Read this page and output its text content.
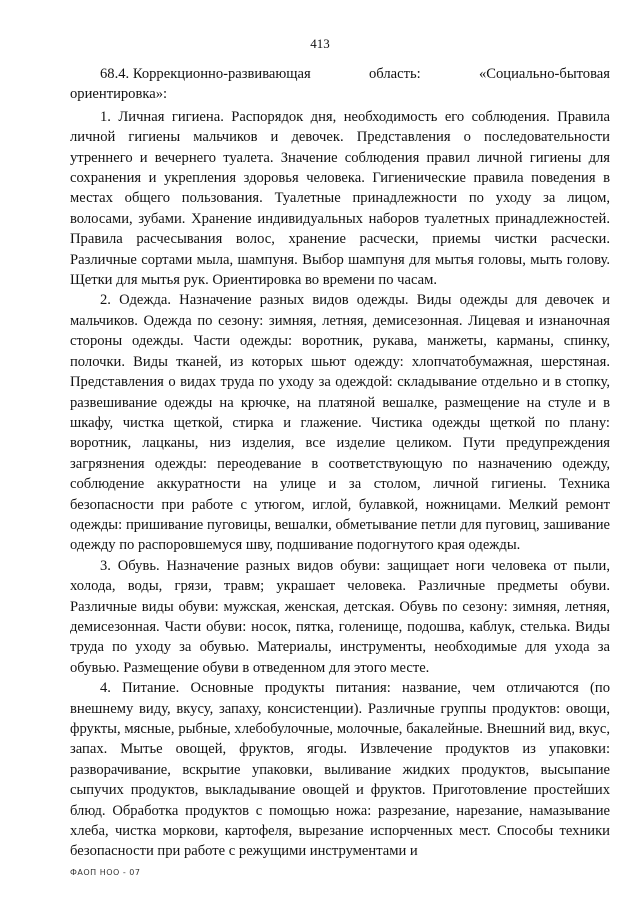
413
68.4. Коррекционно-развивающая	область:	«Социально-бытовая

ориентировка»:

1. Личная гигиена. Распорядок дня, необходимость его соблюдения. Правила личной гигиены мальчиков и девочек. Представления о последовательности утреннего и вечернего туалета. Значение соблюдения правил личной гигиены для сохранения и укрепления здоровья человека. Гигиенические правила поведения в местах общего пользования. Туалетные принадлежности по уходу за лицом, волосами, зубами. Хранение индивидуальных наборов туалетных принадлежностей. Правила расчесывания волос, хранение расчески, приемы чистки расчески. Различные сортами мыла, шампуня. Выбор шампуня для мытья головы, мыть голову. Щетки для мытья рук. Ориентировка во времени по часам.

2. Одежда. Назначение разных видов одежды. Виды одежды для девочек и мальчиков. Одежда по сезону: зимняя, летняя, демисезонная. Лицевая и изнаночная стороны одежды. Части одежды: воротник, рукава, манжеты, карманы, спинку, полочки. Виды тканей, из которых шьют одежду: хлопчатобумажная, шерстяная. Представления о видах труда по уходу за одеждой: складывание отдельно и в стопку, развешивание одежды на крючке, на платяной вешалке, размещение на стуле и в шкафу, чистка щеткой, стирка и глажение. Чистика одежды щеткой по плану: воротник, лацканы, низ изделия, все изделие целиком. Пути предупреждения загрязнения одежды: переодевание в соответствующую по назначению одежду, соблюдение аккуратности на улице и за столом, личной гигиены. Техника безопасности при работе с утюгом, иглой, булавкой, ножницами. Мелкий ремонт одежды: пришивание пуговицы, вешалки, обметывание петли для пуговиц, зашивание одежду по распоровшемуся шву, подшивание подогнутого края одежды.

3. Обувь. Назначение разных видов обуви: защищает ноги человека от пыли, холода, воды, грязи, травм; украшает человека. Различные предметы обуви. Различные виды обуви: мужская, женская, детская. Обувь по сезону: зимняя, летняя, демисезонная. Части обуви: носок, пятка, голенище, подошва, каблук, стелька. Виды труда по уходу за обувью. Материалы, инструменты, необходимые для ухода за обувью. Размещение обуви в отведенном для этого месте.

4. Питание. Основные продукты питания: название, чем отличаются (по внешнему виду, вкусу, запаху, консистенции). Различные группы продуктов: овощи, фрукты, мясные, рыбные, хлебобулочные, молочные, бакалейные. Внешний вид, вкус, запах. Мытье овощей, фруктов, ягоды. Извлечение продуктов из упаковки: разворачивание, вскрытие упаковки, выливание жидких продуктов, высыпание сыпучих продуктов, выкладывание овощей и фруктов. Приготовление простейших блюд. Обработка продуктов с помощью ножа: разрезание, нарезание, намазывание хлеба, чистка моркови, картофеля, вырезание испорченных мест. Способы техники безопасности при работе с режущими инструментами и

ФАОП НОО - 07
